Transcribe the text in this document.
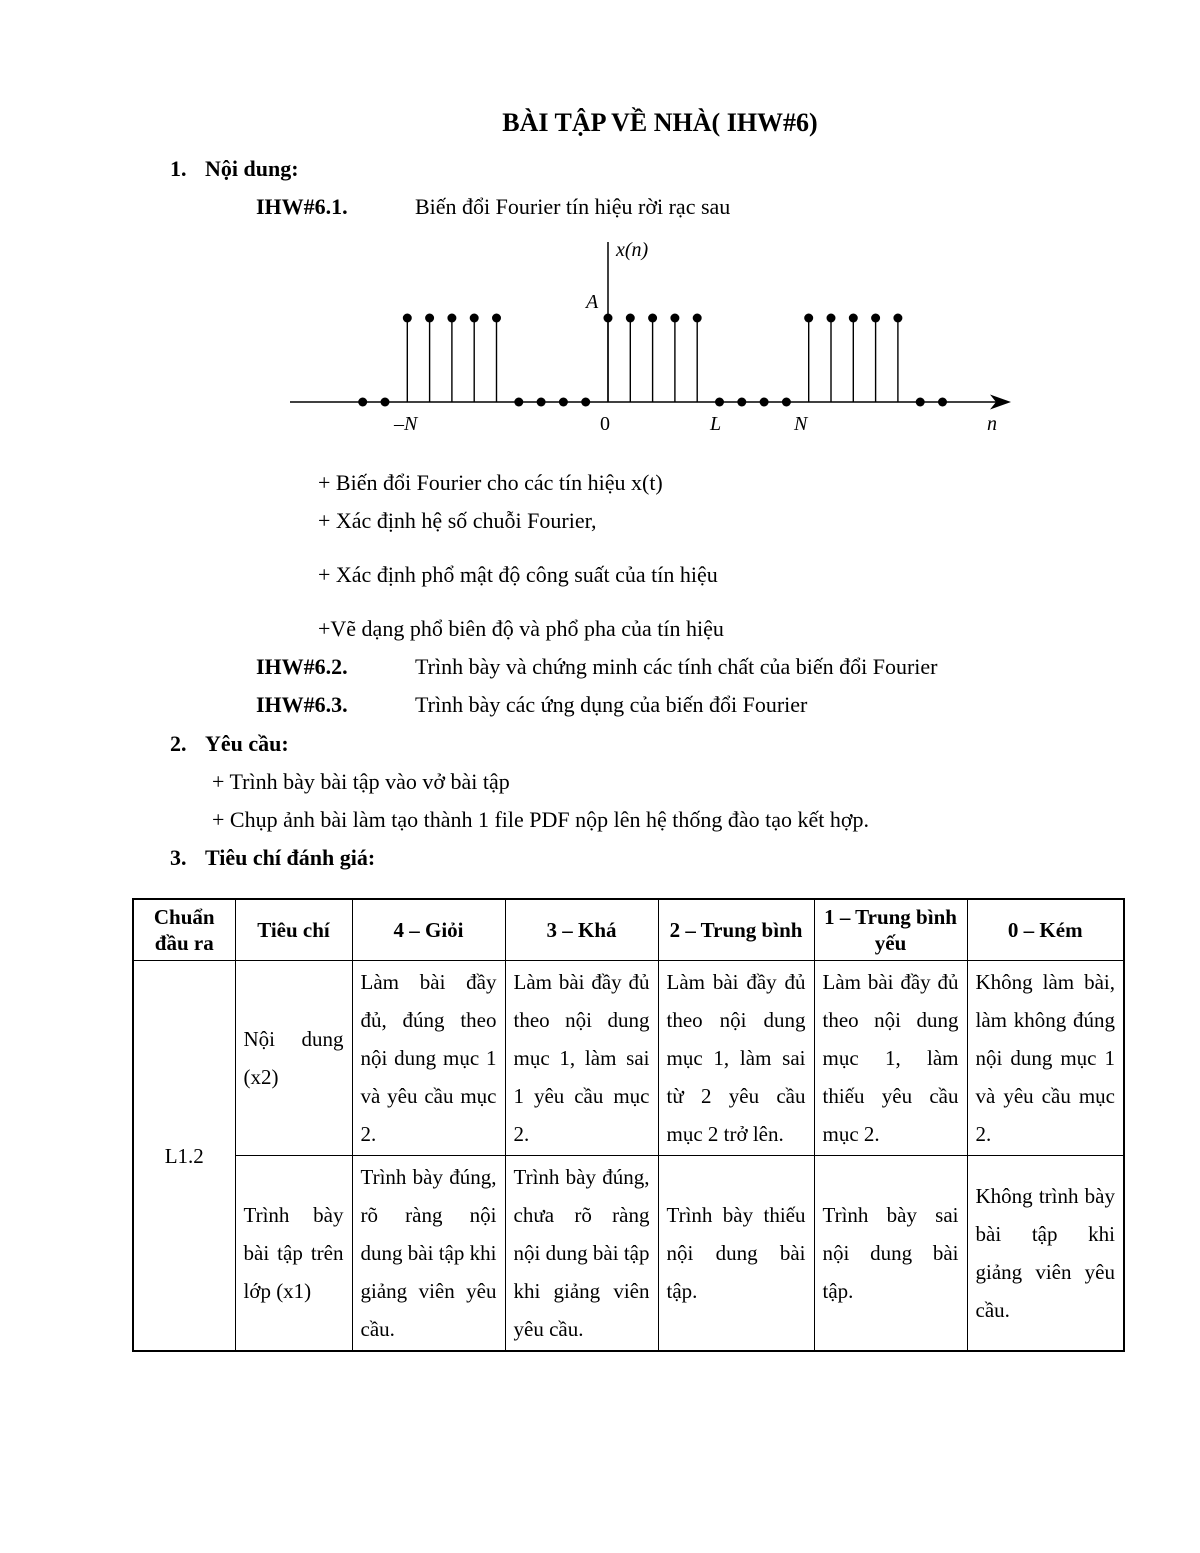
BÀI TẬP VỀ NHÀ( IHW#6)
1. Nội dung:
IHW#6.1.	Biến đổi Fourier tín hiệu rời rạc sau
x(n)
A
–N	0	L	N	n
+ Biến đổi Fourier cho các tín hiệu x(t)
+ Xác định hệ số chuỗi Fourier,
+ Xác định phổ mật độ công suất của tín hiệu
+Vẽ dạng phổ biên độ và phổ pha của tín hiệu
IHW#6.2.	Trình bày và chứng minh các tính chất của biến đổi Fourier
IHW#6.3.	Trình bày các ứng dụng của biến đổi Fourier
2. Yêu cầu:
+ Trình bày bài tập vào vở bài tập
+ Chụp ảnh bài làm tạo thành 1 file PDF nộp lên hệ thống đào tạo kết hợp.
3. Tiêu chí đánh giá:
Chuẩn đầu ra	Tiêu chí	4 – Giỏi	3 – Khá	2 – Trung bình	1 – Trung bình yếu	0 – Kém
L1.2	Nội dung (x2)	Làm bài đầy đủ, đúng theo nội dung mục 1 và yêu cầu mục 2.	Làm bài đầy đủ theo nội dung mục 1, làm sai 1 yêu cầu mục 2.	Làm bài đầy đủ theo nội dung mục 1, làm sai từ 2 yêu cầu mục 2 trở lên.	Làm bài đầy đủ theo nội dung mục 1, làm thiếu yêu cầu mục 2.	Không làm bài, làm không đúng nội dung mục 1 và yêu cầu mục 2.
	Trình bày bài tập trên lớp (x1)	Trình bày đúng, rõ ràng nội dung bài tập khi giảng viên yêu cầu.	Trình bày đúng, chưa rõ ràng nội dung bài tập khi giảng viên yêu cầu.	Trình bày thiếu nội dung bài tập.	Trình bày sai nội dung bài tập.	Không trình bày bài tập khi giảng viên yêu cầu.
